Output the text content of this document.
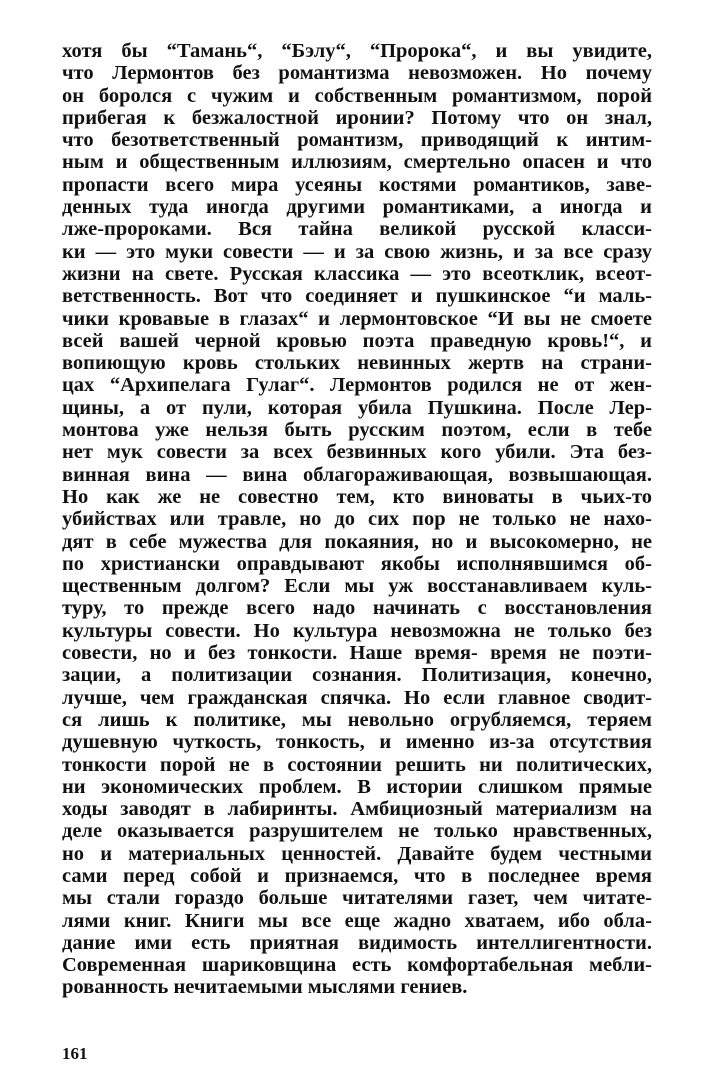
хотя бы “Тамань“, “Бэлу“, “Пророка“, и вы увидите,
что Лермонтов без романтизма невозможен. Но почему
он боролся с чужим и собственным романтизмом, порой
прибегая к безжалостной иронии? Потому что он знал,
что безответственный романтизм, приводящий к интим-
ным и общественным иллюзиям, смертельно опасен и что
пропасти всего мира усеяны костями романтиков, заве-
денных туда иногда другими романтиками, а иногда и
лже-пророками. Вся тайна великой русской класси-
ки — это муки совести — и за свою жизнь, и за все сразу
жизни на свете. Русская классика — это всеотклик, всеот-
ветственность. Вот что соединяет и пушкинское “и маль-
чики кровавые в глазах“ и лермонтовское “И вы не смоете
всей вашей черной кровью поэта праведную кровь!“, и
вопиющую кровь стольких невинных жертв на страни-
цах “Архипелага Гулаг“. Лермонтов родился не от жен-
щины, а от пули, которая убила Пушкина. После Лер-
монтова уже нельзя быть русским поэтом, если в тебе
нет мук совести за всех безвинных кого убили. Эта без-
винная вина — вина облагораживающая, возвышающая.
Но как же не совестно тем, кто виноваты в чьих-то
убийствах или травле, но до сих пор не только не нахо-
дят в себе мужества для покаяния, но и высокомерно, не
по христиански оправдывают якобы исполнявшимся об-
щественным долгом? Если мы уж восстанавливаем куль-
туру, то прежде всего надо начинать с восстановления
культуры совести. Но культура невозможна не только без
совести, но и без тонкости. Наше время- время не поэти-
зации, а политизации сознания. Политизация, конечно,
лучше, чем гражданская спячка. Но если главное сводит-
ся лишь к политике, мы невольно огрубляемся, теряем
душевную чуткость, тонкость, и именно из-за отсутствия
тонкости порой не в состоянии решить ни политических,
ни экономических проблем. В истории слишком прямые
ходы заводят в лабиринты. Амбициозный материализм на
деле оказывается разрушителем не только нравственных,
но и материальных ценностей. Давайте будем честными
сами перед собой и признаемся, что в последнее время
мы стали гораздо больше читателями газет, чем читате-
лями книг. Книги мы все еще жадно хватаем, ибо обла-
дание ими есть приятная видимость интеллигентности.
Современная шариковщина есть комфортабельная мебли-
рованность нечитаемыми мыслями гениев.
161
